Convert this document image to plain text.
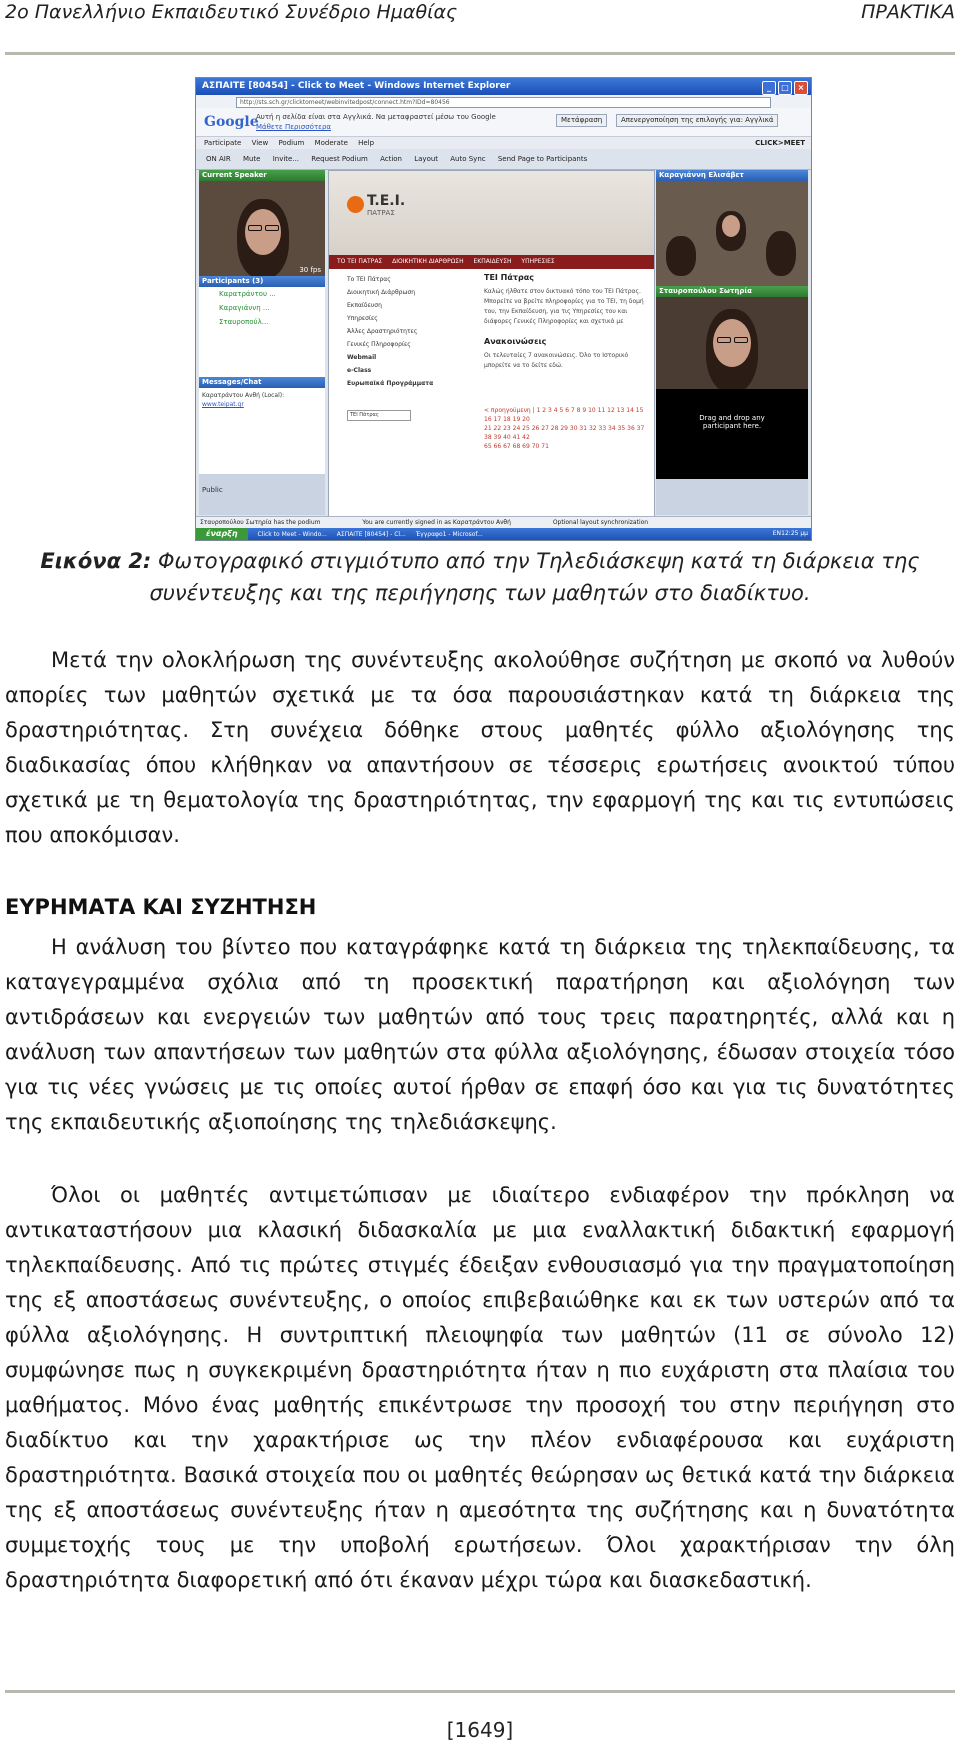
2ο Πανελλήνιο Εκπαιδευτικό Συνέδριο Ημαθίας	ΠΡΑΚΤΙΚΑ
ΑΣΠΑΙΤΕ [80454] - Click to Meet - Windows Internet Explorer	_ □ ×
http://sts.sch.gr/clicktomeet/webinvitedpost/connect.htm?IDd=80456
Google
Αυτή η σελίδα είναι στα Αγγλικά. Να μεταφραστεί μέσω του Google
Μάθετε Περισσότερα
Μετάφραση	Απενεργοποίηση της επιλογής για: Αγγλικά
Participate View Podium Moderate Help	CLICK>MEET
ON AIR Mute Invite... Request Podium Action Layout Auto Sync Send Page to Participants
Current Speaker
30 fps
Participants (3)
Καρατράντου ...
Καραγιάννη ...
Σταυροπούλ...
Messages/Chat
Καρατράντου Ανθή (Local):
www.teipat.gr
Public
T.E.I.
ΠΑΤΡΑΣ
ΤΟ ΤΕΙ ΠΑΤΡΑΣ ΔΙΟΙΚΗΤΙΚΗ ΔΙΑΡΘΡΩΣΗ ΕΚΠΑΙΔΕΥΣΗ ΥΠΗΡΕΣΙΕΣ
Το ΤΕΙ Πάτρας
Διοικητική Διάρθρωση
Εκπαίδευση
Υπηρεσίες
Άλλες Δραστηριότητες
Γενικές Πληροφορίες
Webmail
e-Class
Ευρωπαϊκά Προγράμματα
ΤΕΙ Πάτρας
ΤΕΙ Πάτρας
Καλώς ήλθατε στον δικτυακό τόπο του ΤΕΙ Πάτρας. Μπορείτε να βρείτε πληροφορίες για το ΤΕΙ, τη δομή του, την Εκπαίδευση, για τις Υπηρεσίες του και διάφορες Γενικές Πληροφορίες και σχετικά με
Ανακοινώσεις
Οι τελευταίες 7 ανακοινώσεις. Όλο το Ιστορικό μπορείτε να το δείτε εδώ.
< προηγούμενη | 1 2 3 4 5 6 7 8 9 10 11 12 13 14 15 16 17 18 19 20
21 22 23 24 25 26 27 28 29 30 31 32 33 34 35 36 37 38 39 40 41 42
65 66 67 68 69 70 71
Καραγιάννη Ελισάβετ
Σταυροπούλου Σωτηρία
Drag and drop any
participant here.
Σταυροπούλου Σωτηρία has the podium	You are currently signed in as Καρατράντου Ανθή	Optional layout synchronization
έναρξη	Click to Meet - Windo... ΑΣΠΑΙΤΕ [80454] - Cl... Έγγραφο1 - Microsof...	EN 12:25 μμ
Εικόνα 2: Φωτογραφικό στιγμιότυπο από την Τηλεδιάσκεψη κατά τη διάρκεια της συνέντευξης και της περιήγησης των μαθητών στο διαδίκτυο.

Μετά την ολοκλήρωση της συνέντευξης ακολούθησε συζήτηση με σκοπό να λυθούν απορίες των μαθητών σχετικά με τα όσα παρουσιάστηκαν κατά τη διάρκεια της δραστηριότητας. Στη συνέχεια δόθηκε στους μαθητές φύλλο αξιολόγησης της διαδικασίας όπου κλήθηκαν να απαντήσουν σε τέσσερις ερωτήσεις ανοικτού τύπου σχετικά με τη θεματολογία της δραστηριότητας, την εφαρμογή της και τις εντυπώσεις που αποκόμισαν.

ΕΥΡΗΜΑΤΑ ΚΑΙ ΣΥΖΗΤΗΣΗ

Η ανάλυση του βίντεο που καταγράφηκε κατά τη διάρκεια της τηλεκπαίδευσης, τα καταγεγραμμένα σχόλια από τη προσεκτική παρατήρηση και αξιολόγηση των αντιδράσεων και ενεργειών των μαθητών από τους τρεις παρατηρητές, αλλά και η ανάλυση των απαντήσεων των μαθητών στα φύλλα αξιολόγησης, έδωσαν στοιχεία τόσο για τις νέες γνώσεις με τις οποίες αυτοί ήρθαν σε επαφή όσο και για τις δυνατότητες της εκπαιδευτικής αξιοποίησης της τηλεδιάσκεψης.

Όλοι οι μαθητές αντιμετώπισαν με ιδιαίτερο ενδιαφέρον την πρόκληση να αντικαταστήσουν μια κλασική διδασκαλία με μια εναλλακτική διδακτική εφαρμογή τηλεκπαίδευσης. Από τις πρώτες στιγμές έδειξαν ενθουσιασμό για την πραγματοποίηση της εξ αποστάσεως συνέντευξης, ο οποίος επιβεβαιώθηκε και εκ των υστερών από τα φύλλα αξιολόγησης. Η συντριπτική πλειοψηφία των μαθητών (11 σε σύνολο 12) συμφώνησε πως η συγκεκριμένη δραστηριότητα ήταν η πιο ευχάριστη στα πλαίσια του μαθήματος. Μόνο ένας μαθητής επικέντρωσε την προσοχή του στην περιήγηση στο διαδίκτυο και την χαρακτήρισε ως την πλέον ενδιαφέρουσα και ευχάριστη δραστηριότητα. Βασικά στοιχεία που οι μαθητές θεώρησαν ως θετικά κατά την διάρκεια της εξ αποστάσεως συνέντευξης ήταν η αμεσότητα της συζήτησης και η δυνατότητα συμμετοχής τους με την υποβολή ερωτήσεων. Όλοι χαρακτήρισαν την όλη δραστηριότητα διαφορετική από ότι έκαναν μέχρι τώρα και διασκεδαστική.

[1649]
